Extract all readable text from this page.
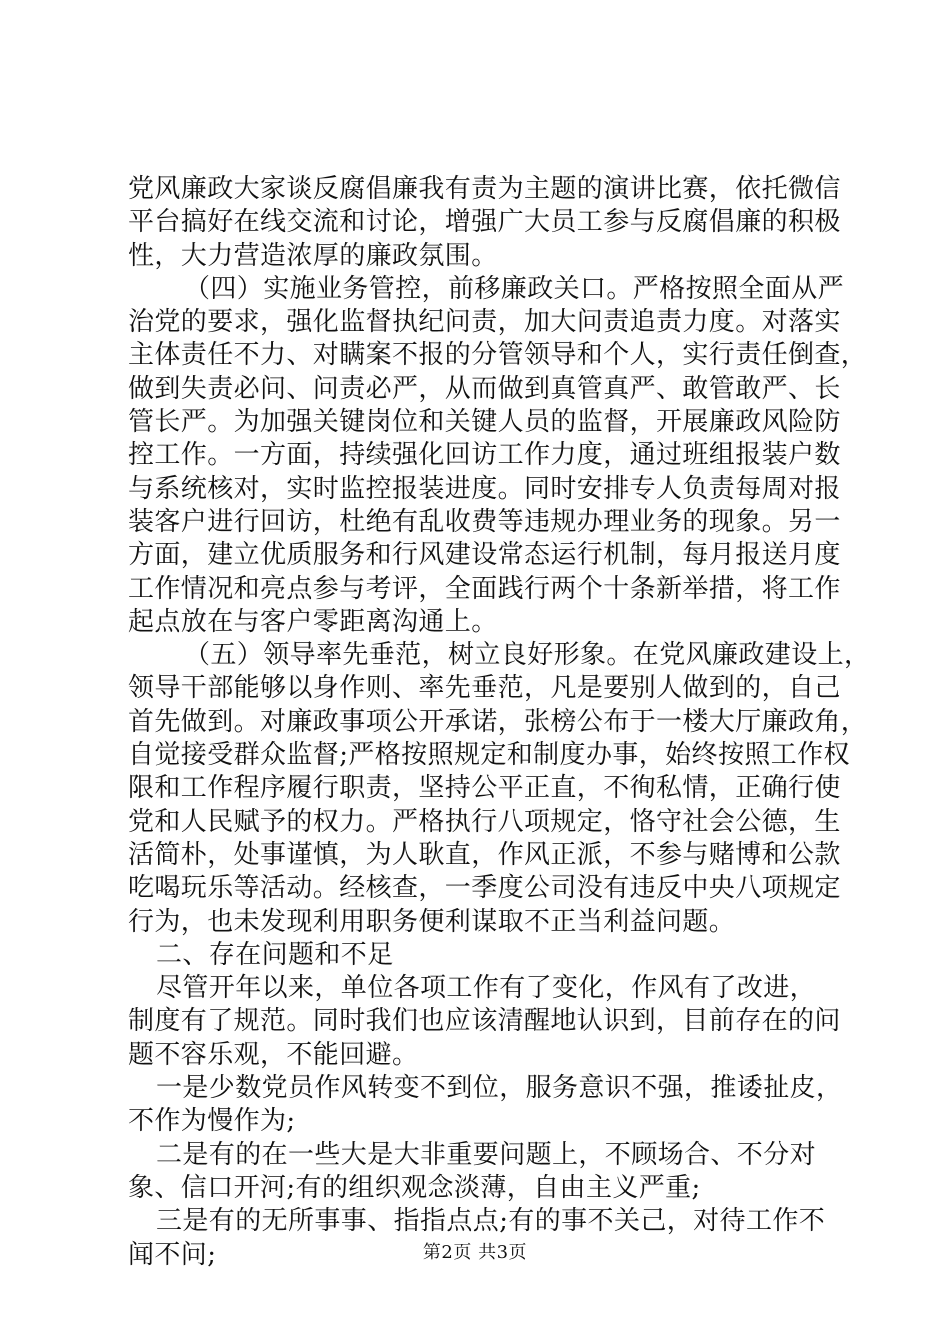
党风廉政大家谈反腐倡廉我有责为主题的演讲比赛，依托微信
平台搞好在线交流和讨论，增强广大员工参与反腐倡廉的积极
性，大力营造浓厚的廉政氛围。
（四）实施业务管控，前移廉政关口。严格按照全面从严
治党的要求，强化监督执纪问责，加大问责追责力度。对落实
主体责任不力、对瞒案不报的分管领导和个人，实行责任倒查，
做到失责必问、问责必严，从而做到真管真严、敢管敢严、长
管长严。为加强关键岗位和关键人员的监督，开展廉政风险防
控工作。一方面，持续强化回访工作力度，通过班组报装户数
与系统核对，实时监控报装进度。同时安排专人负责每周对报
装客户进行回访，杜绝有乱收费等违规办理业务的现象。另一
方面，建立优质服务和行风建设常态运行机制，每月报送月度
工作情况和亮点参与考评，全面践行两个十条新举措，将工作
起点放在与客户零距离沟通上。
（五）领导率先垂范，树立良好形象。在党风廉政建设上，
领导干部能够以身作则、率先垂范，凡是要别人做到的，自己
首先做到。对廉政事项公开承诺，张榜公布于一楼大厅廉政角，
自觉接受群众监督;严格按照规定和制度办事，始终按照工作权
限和工作程序履行职责，坚持公平正直，不徇私情，正确行使
党和人民赋予的权力。严格执行八项规定，恪守社会公德，生
活简朴，处事谨慎，为人耿直，作风正派，不参与赌博和公款
吃喝玩乐等活动。经核查，一季度公司没有违反中央八项规定
行为，也未发现利用职务便利谋取不正当利益问题。
二、存在问题和不足
尽管开年以来，单位各项工作有了变化，作风有了改进，
制度有了规范。同时我们也应该清醒地认识到，目前存在的问
题不容乐观，不能回避。
一是少数党员作风转变不到位，服务意识不强，推诿扯皮，
不作为慢作为;
二是有的在一些大是大非重要问题上，不顾场合、不分对
象、信口开河;有的组织观念淡薄，自由主义严重;
三是有的无所事事、指指点点;有的事不关己，对待工作不
闻不问;	第2页 共3页
